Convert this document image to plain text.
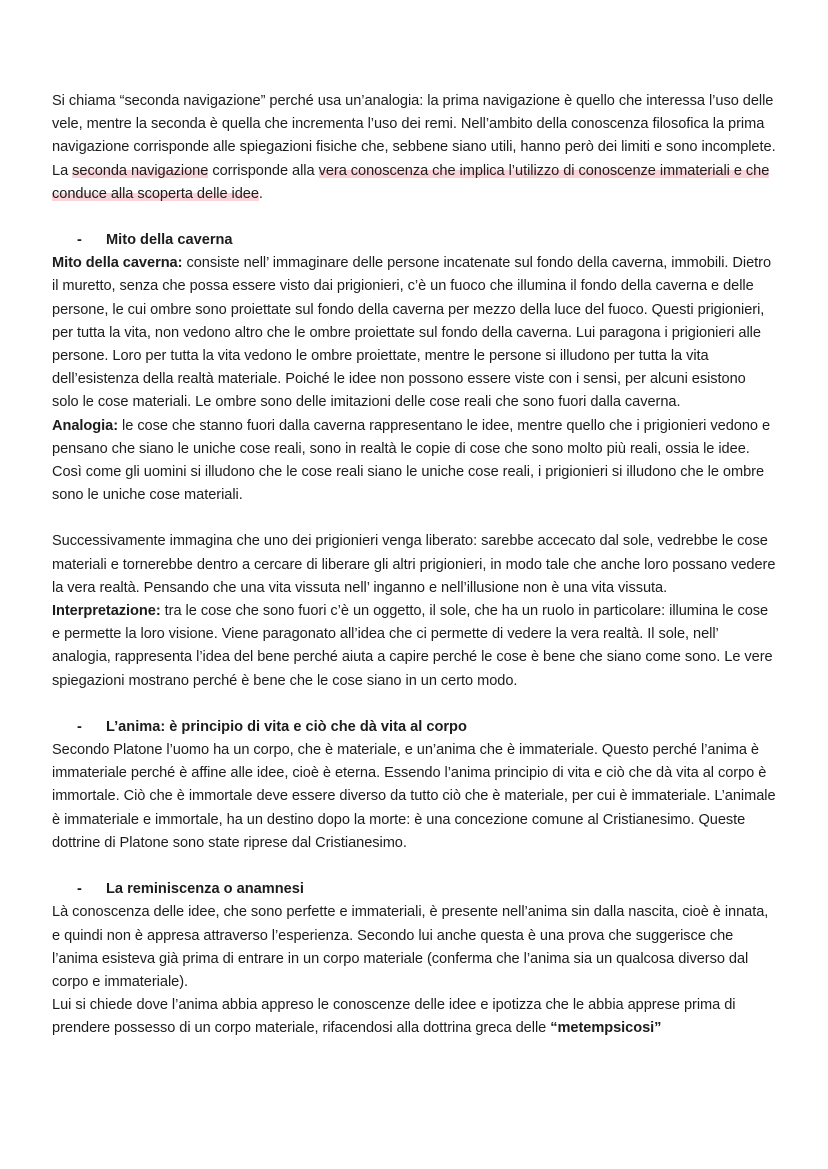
Si chiama “seconda navigazione” perché usa un’analogia: la prima navigazione è quello che interessa l’uso delle vele, mentre la seconda è quella che incrementa l’uso dei remi. Nell’ambito della conoscenza filosofica la prima navigazione corrisponde alle spiegazioni fisiche che, sebbene siano utili, hanno però dei limiti e sono incomplete. La seconda navigazione corrisponde alla vera conoscenza che implica l’utilizzo di conoscenze immateriali e che conduce alla scoperta delle idee.

-	Mito della caverna

Mito della caverna: consiste nell’ immaginare delle persone incatenate sul fondo della caverna, immobili. Dietro il muretto, senza che possa essere visto dai prigionieri, c’è un fuoco che illumina il fondo della caverna e delle persone, le cui ombre sono proiettate sul fondo della caverna per mezzo della luce del fuoco. Questi prigionieri, per tutta la vita, non vedono altro che le ombre proiettate sul fondo della caverna. Lui paragona i prigionieri alle persone. Loro per tutta la vita vedono le ombre proiettate, mentre le persone si illudono per tutta la vita dell’esistenza della realtà materiale. Poiché le idee non possono essere viste con i sensi, per alcuni esistono solo le cose materiali. Le ombre sono delle imitazioni delle cose reali che sono fuori dalla caverna.

Analogia: le cose che stanno fuori dalla caverna rappresentano le idee, mentre quello che i prigionieri vedono e pensano che siano le uniche cose reali, sono in realtà le copie di cose che sono molto più reali, ossia le idee. Così come gli uomini si illudono che le cose reali siano le uniche cose reali, i prigionieri si illudono che le ombre sono le uniche cose materiali.

Successivamente immagina che uno dei prigionieri venga liberato: sarebbe accecato dal sole, vedrebbe le cose materiali e tornerebbe dentro a cercare di liberare gli altri prigionieri, in modo tale che anche loro possano vedere la vera realtà. Pensando che una vita vissuta nell’ inganno e nell’illusione non è una vita vissuta.

Interpretazione: tra le cose che sono fuori c’è un oggetto, il sole, che ha un ruolo in particolare: illumina le cose e permette la loro visione. Viene paragonato all’idea che ci permette di vedere la vera realtà. Il sole, nell’ analogia, rappresenta l’idea del bene perché aiuta a capire perché le cose è bene che siano come sono. Le vere spiegazioni mostrano perché è bene che le cose siano in un certo modo.

-	L’anima: è principio di vita e ciò che dà vita al corpo

Secondo Platone l’uomo ha un corpo, che è materiale, e un’anima che è immateriale. Questo perché l’anima è immateriale perché è affine alle idee, cioè è eterna. Essendo l’anima principio di vita e ciò che dà vita al corpo è immortale. Ciò che è immortale deve essere diverso da tutto ciò che è materiale, per cui è immateriale. L’animale è immateriale e immortale, ha un destino dopo la morte: è una concezione comune al Cristianesimo. Queste dottrine di Platone sono state riprese dal Cristianesimo.

-	La reminiscenza o anamnesi

Là conoscenza delle idee, che sono perfette e immateriali, è presente nell’anima sin dalla nascita, cioè è innata, e quindi non è appresa attraverso l’esperienza. Secondo lui anche questa è una prova che suggerisce che l’anima esisteva già prima di entrare in un corpo materiale (conferma che l’anima sia un qualcosa diverso dal corpo e immateriale).

Lui si chiede dove l’anima abbia appreso le conoscenze delle idee e ipotizza che le abbia apprese prima di prendere possesso di un corpo materiale, rifacendosi alla dottrina greca delle “metempsicosi”
